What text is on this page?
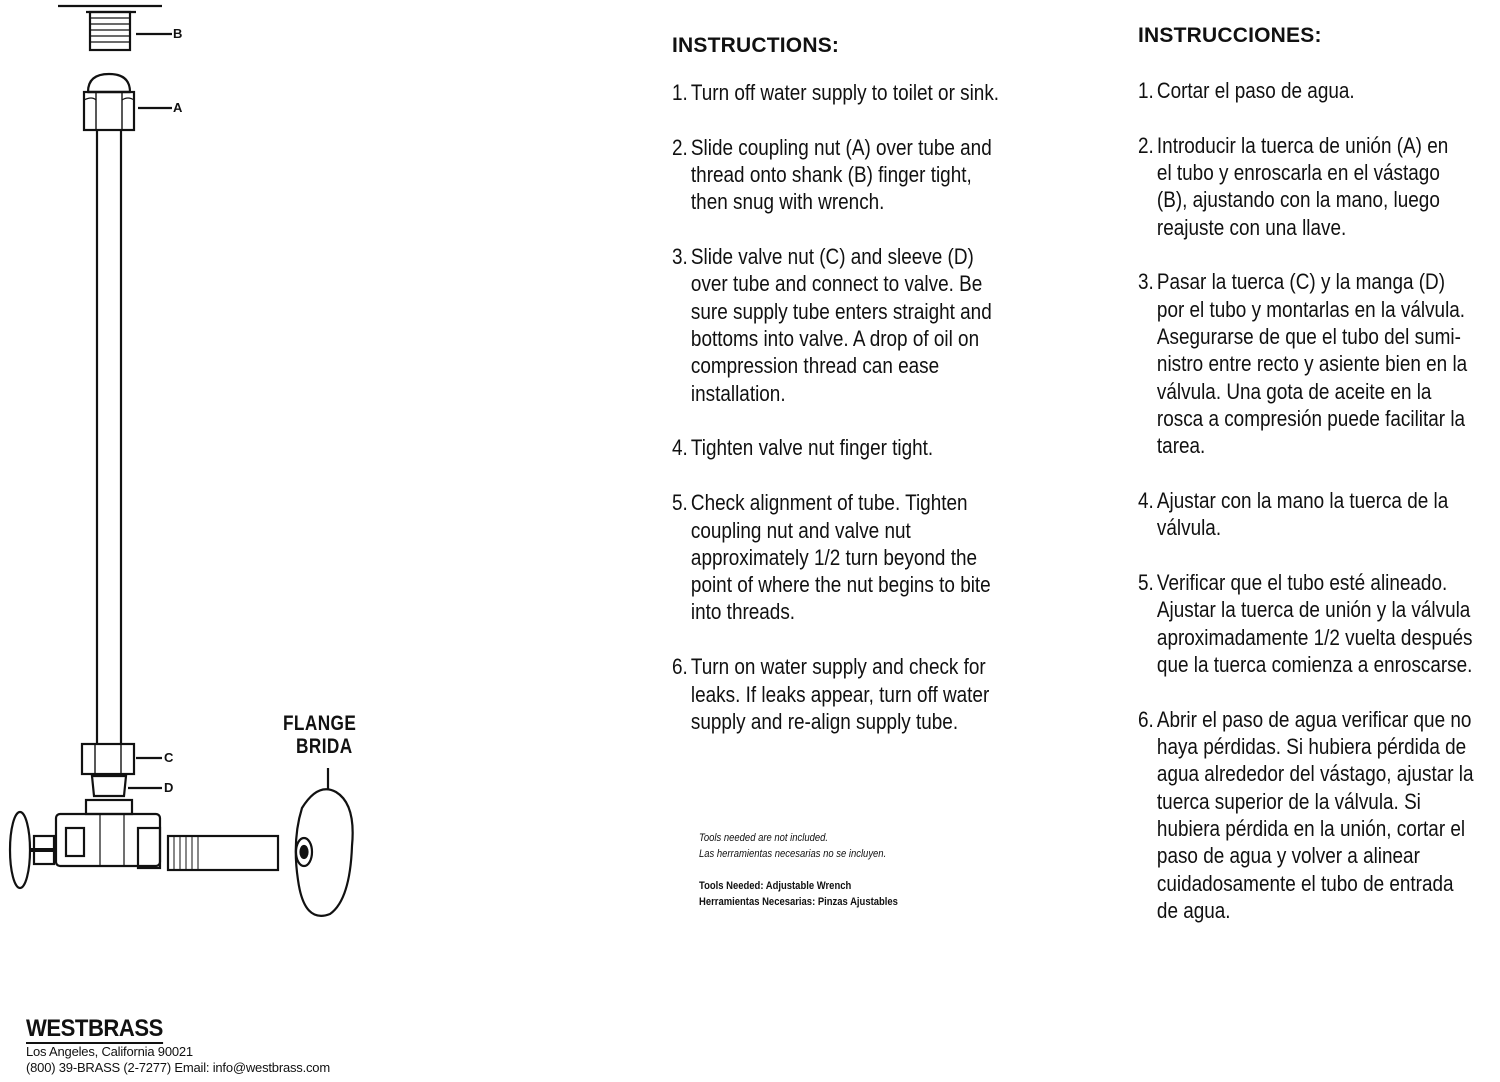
B
A
C
D
FLANGE
BRIDA
INSTRUCTIONS:
1. Turn off water supply to toilet or sink.
2. Slide coupling nut (A) over tube and
thread onto shank (B) finger tight,
then snug with wrench.
3. Slide valve nut (C) and sleeve (D)
over tube and connect to valve. Be
sure supply tube enters straight and
bottoms into valve. A drop of oil on
compression thread can ease
installation.
4. Tighten valve nut finger tight.
5. Check alignment of tube. Tighten
coupling nut and valve nut
approximately 1/2 turn beyond the
point of where the nut begins to bite
into threads.
6. Turn on water supply and check for
leaks. If leaks appear, turn off water
supply and re-align supply tube.
INSTRUCCIONES:
1. Cortar el paso de agua.
2. Introducir la tuerca de unión (A) en
el tubo y enroscarla en el vástago
(B), ajustando con la mano, luego
reajuste con una llave.
3. Pasar la tuerca (C) y la manga (D)
por el tubo y montarlas en la válvula.
Asegurarse de que el tubo del sumi-
nistro entre recto y asiente bien en la
válvula. Una gota de aceite en la
rosca a compresión puede facilitar la
tarea.
4. Ajustar con la mano la tuerca de la
válvula.
5. Verificar que el tubo esté alineado.
Ajustar la tuerca de unión y la válvula
aproximadamente 1/2 vuelta después
que la tuerca comienza a enroscarse.
6. Abrir el paso de agua verificar que no
haya pérdidas. Si hubiera pérdida de
agua alrededor del vástago, ajustar la
tuerca superior de la válvula. Si
hubiera pérdida en la unión, cortar el
paso de agua y volver a alinear
cuidadosamente el tubo de entrada
de agua.
Tools needed are not included.
Las herramientas necesarias no se incluyen.
Tools Needed: Adjustable Wrench
Herramientas Necesarias: Pinzas Ajustables
WESTBRASS
Los Angeles, California 90021
(800) 39-BRASS (2-7277) Email: info@westbrass.com
